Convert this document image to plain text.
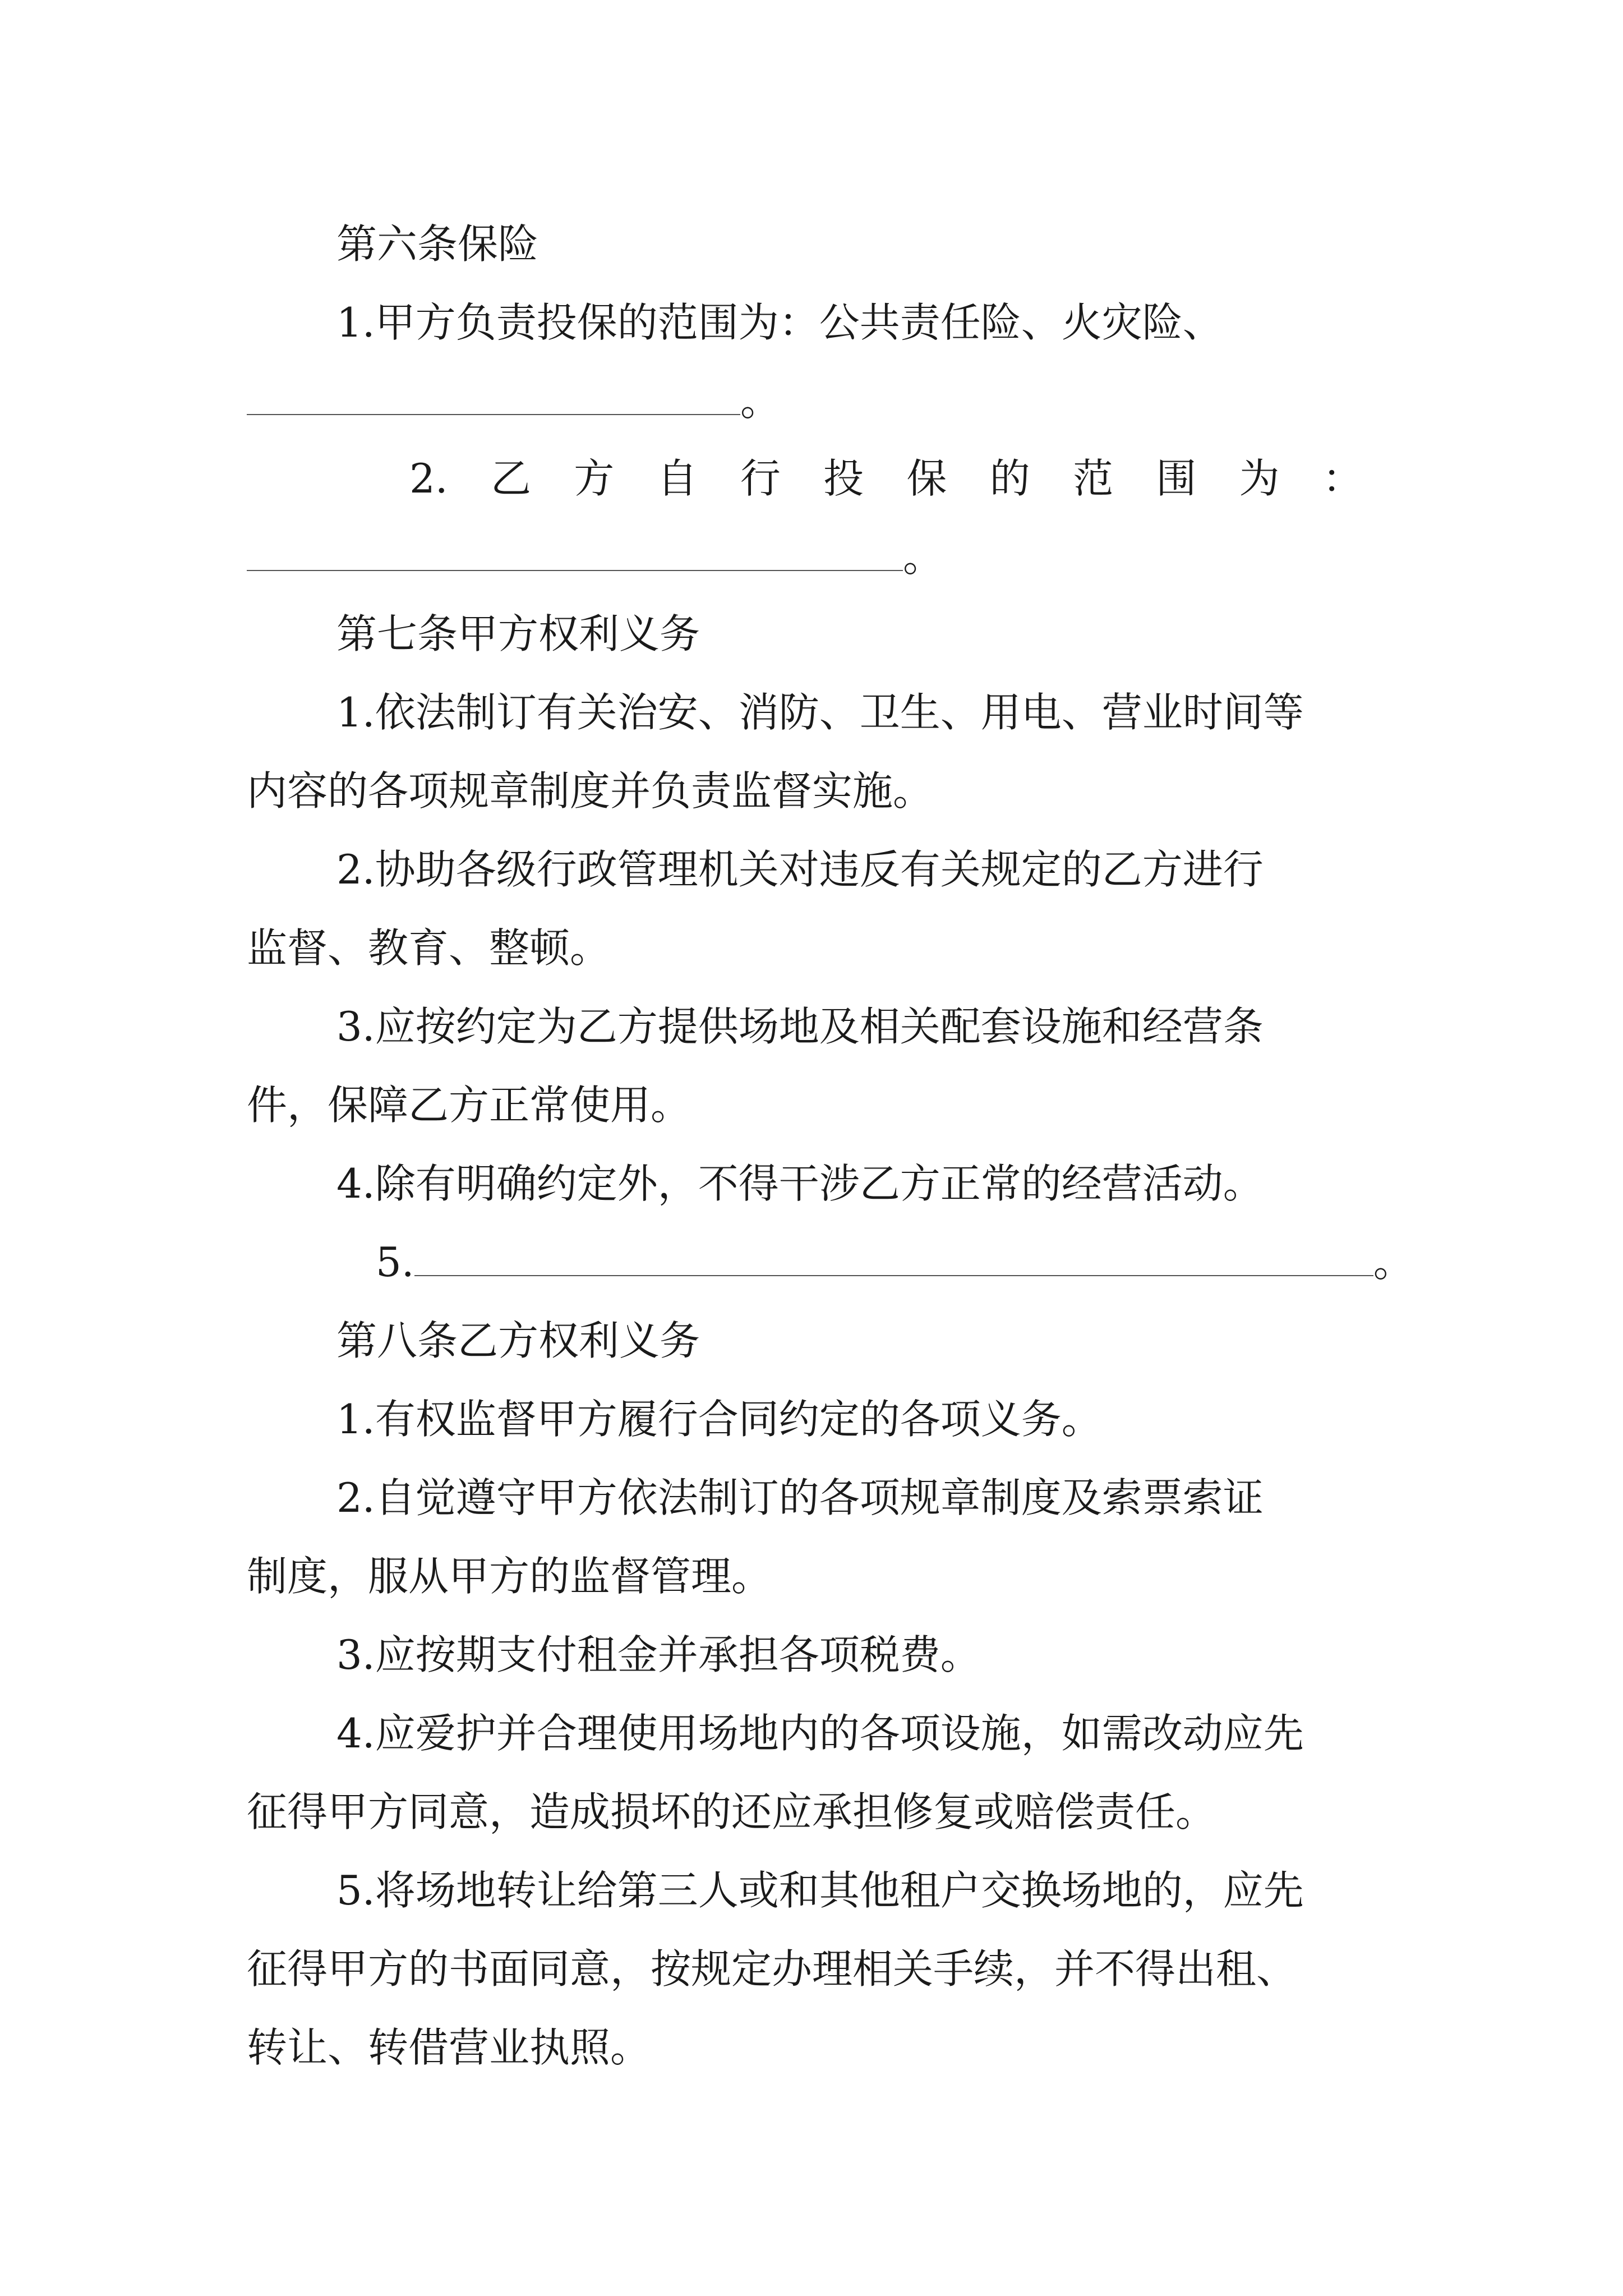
第六条保险
1.甲方负责投保的范围为：公共责任险、火灾险、
。
2. 乙 方 自 行 投 保 的 范 围 为 ：
。
第七条甲方权利义务
1.依法制订有关治安、消防、卫生、用电、营业时间等
内容的各项规章制度并负责监督实施。
2.协助各级行政管理机关对违反有关规定的乙方进行
监督、教育、整顿。
3.应按约定为乙方提供场地及相关配套设施和经营条
件，保障乙方正常使用。
4.除有明确约定外，不得干涉乙方正常的经营活动。
5.	。
第八条乙方权利义务
1.有权监督甲方履行合同约定的各项义务。
2.自觉遵守甲方依法制订的各项规章制度及索票索证
制度，服从甲方的监督管理。
3.应按期支付租金并承担各项税费。
4.应爱护并合理使用场地内的各项设施，如需改动应先
征得甲方同意，造成损坏的还应承担修复或赔偿责任。
5.将场地转让给第三人或和其他租户交换场地的，应先
征得甲方的书面同意，按规定办理相关手续，并不得出租、
转让、转借营业执照。
